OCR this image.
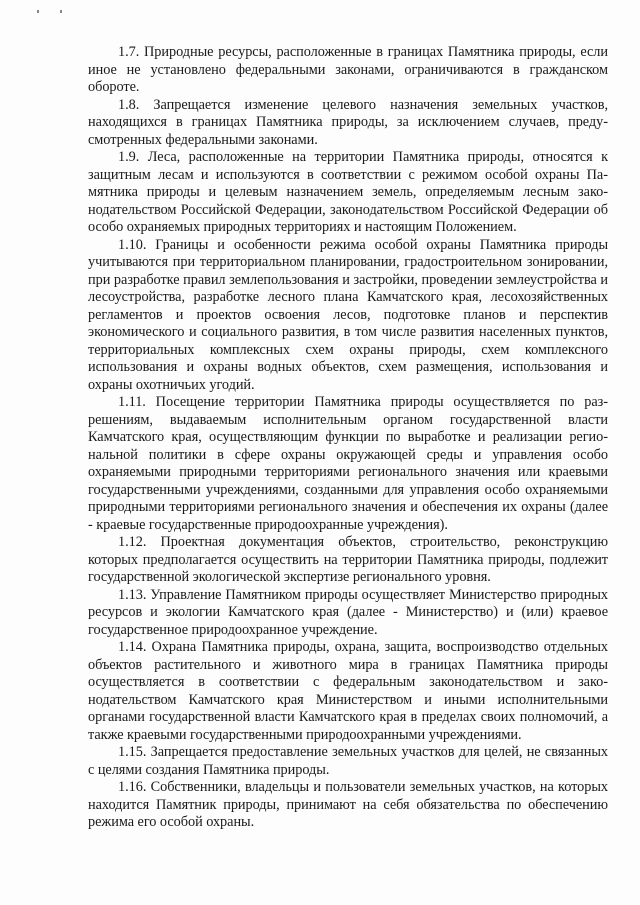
1.7. Природные ресурсы, расположенные в границах Памятника природы, если иное не установлено федеральными законами, ограничиваются в гражданском обороте.

1.8. Запрещается изменение целевого назначения земельных участков, находящихся в границах Памятника природы, за исключением случаев, предусмотренных федеральными законами.

1.9. Леса, расположенные на территории Памятника природы, относятся к защитным лесам и используются в соответствии с режимом особой охраны Памятника природы и целевым назначением земель, определяемым лесным законодательством Российской Федерации, законодательством Российской Федерации об особо охраняемых природных территориях и настоящим Положением.

1.10. Границы и особенности режима особой охраны Памятника природы учитываются при территориальном планировании, градостроительном зонировании, при разработке правил землепользования и застройки, проведении землеустройства и лесоустройства, разработке лесного плана Камчатского края, лесохозяйственных регламентов и проектов освоения лесов, подготовке планов и перспектив экономического и социального развития, в том числе развития населенных пунктов, территориальных комплексных схем охраны природы, схем комплексного использования и охраны водных объектов, схем размещения, использования и охраны охотничьих угодий.

1.11. Посещение территории Памятника природы осуществляется по разрешениям, выдаваемым исполнительным органом государственной власти Камчатского края, осуществляющим функции по выработке и реализации региональной политики в сфере охраны окружающей среды и управления особо охраняемыми природными территориями регионального значения или краевыми государственными учреждениями, созданными для управления особо охраняемыми природными территориями регионального значения и обеспечения их охраны (далее - краевые государственные природоохранные учреждения).

1.12. Проектная документация объектов, строительство, реконструкцию которых предполагается осуществить на территории Памятника природы, подлежит государственной экологической экспертизе регионального уровня.

1.13. Управление Памятником природы осуществляет Министерство природных ресурсов и экологии Камчатского края (далее - Министерство) и (или) краевое государственное природоохранное учреждение.

1.14. Охрана Памятника природы, охрана, защита, воспроизводство отдельных объектов растительного и животного мира в границах Памятника природы осуществляется в соответствии с федеральным законодательством и законодательством Камчатского края Министерством и иными исполнительными органами государственной власти Камчатского края в пределах своих полномочий, а также краевыми государственными природоохранными учреждениями.

1.15. Запрещается предоставление земельных участков для целей, не связанных с целями создания Памятника природы.

1.16. Собственники, владельцы и пользователи земельных участков, на которых находится Памятник природы, принимают на себя обязательства по обеспечению режима его особой охраны.
